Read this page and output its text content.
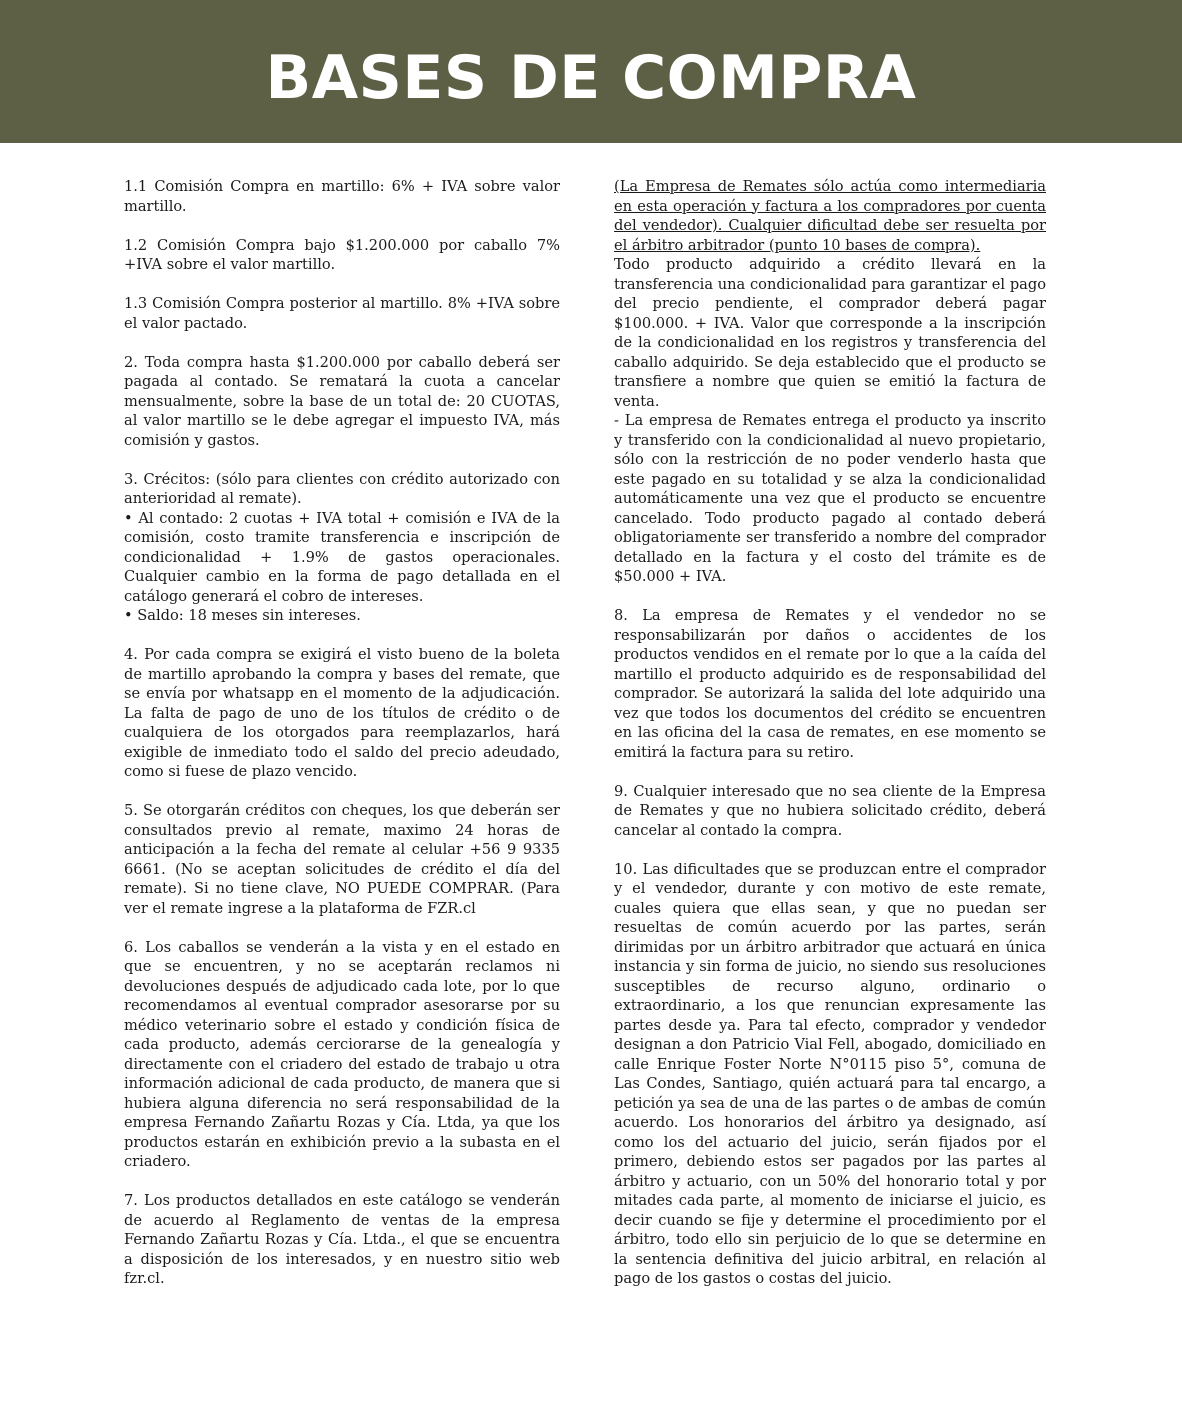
BASES DE COMPRA

1.1 Comisión Compra en martillo: 6% + IVA sobre valor martillo.

1.2 Comisión Compra bajo $1.200.000 por caballo 7% +IVA sobre el valor martillo.

1.3 Comisión Compra posterior al martillo. 8% +IVA sobre el valor pactado.

2. Toda compra hasta $1.200.000 por caballo deberá ser pagada al contado. Se rematará la cuota a cancelar mensualmente, sobre la base de un total de: 20 CUOTAS, al valor martillo se le debe agregar el impuesto IVA, más comisión y gastos.

3. Crécitos: (sólo para clientes con crédito autorizado con anterioridad al remate).

• Al contado: 2 cuotas + IVA total + comisión e IVA de la comisión, costo tramite transferencia e inscripción de condicionalidad + 1.9% de gastos operacionales. Cualquier cambio en la forma de pago detallada en el catálogo generará el cobro de intereses.

• Saldo: 18 meses sin intereses.

4. Por cada compra se exigirá el visto bueno de la boleta de martillo aprobando la compra y bases del remate, que se envía por whatsapp en el momento de la adjudicación. La falta de pago de uno de los títulos de crédito o de cualquiera de los otorgados para reemplazarlos, hará exigible de inmediato todo el saldo del precio adeudado, como si fuese de plazo vencido.

5. Se otorgarán créditos con cheques, los que deberán ser consultados previo al remate, maximo 24 horas de anticipación a la fecha del remate al celular +56 9 9335 6661. (No se aceptan solicitudes de crédito el día del remate). Si no tiene clave, NO PUEDE COMPRAR. (Para ver el remate ingrese a la plataforma de FZR.cl

6. Los caballos se venderán a la vista y en el estado en que se encuentren, y no se aceptarán reclamos ni devoluciones después de adjudicado cada lote, por lo que recomendamos al eventual comprador asesorarse por su médico veterinario sobre el estado y condición física de cada producto, además cerciorarse de la genealogía y directamente con el criadero del estado de trabajo u otra información adicional de cada producto, de manera que si hubiera alguna diferencia no será responsabilidad de la empresa Fernando Zañartu Rozas y Cía. Ltda, ya que los productos estarán en exhibición previo a la subasta en el criadero.

7. Los productos detallados en este catálogo se venderán de acuerdo al Reglamento de ventas de la empresa Fernando Zañartu Rozas y Cía. Ltda., el que se encuentra a disposición de los interesados, y en nuestro sitio web fzr.cl.

(La Empresa de Remates sólo actúa como intermediaria en esta operación y factura a los compradores por cuenta del vendedor). Cualquier dificultad debe ser resuelta por el árbitro arbitrador (punto 10 bases de compra).

Todo producto adquirido a crédito llevará en la transferencia una condicionalidad para garantizar el pago del precio pendiente, el comprador deberá pagar $100.000. + IVA. Valor que corresponde a la inscripción de la condicionalidad en los registros y transferencia del caballo adquirido. Se deja establecido que el producto se transfiere a nombre que quien se emitió la factura de venta.

- La empresa de Remates entrega el producto ya inscrito y transferido con la condicionalidad al nuevo propietario, sólo con la restricción de no poder venderlo hasta que este pagado en su totalidad y se alza la condicionalidad automáticamente una vez que el producto se encuentre cancelado. Todo producto pagado al contado deberá obligatoriamente ser transferido a nombre del comprador detallado en la factura y el costo del trámite es de $50.000 + IVA.

8. La empresa de Remates y el vendedor no se responsabilizarán por daños o accidentes de los productos vendidos en el remate por lo que a la caída del martillo el producto adquirido es de responsabilidad del comprador. Se autorizará la salida del lote adquirido una vez que todos los documentos del crédito se encuentren en las oficina del la casa de remates, en ese momento se emitirá la factura para su retiro.

9. Cualquier interesado que no sea cliente de la Empresa de Remates y que no hubiera solicitado crédito, deberá cancelar al contado la compra.

10. Las dificultades que se produzcan entre el comprador y el vendedor, durante y con motivo de este remate, cuales quiera que ellas sean, y que no puedan ser resueltas de común acuerdo por las partes, serán dirimidas por un árbitro arbitrador que actuará en única instancia y sin forma de juicio, no siendo sus resoluciones susceptibles de recurso alguno, ordinario o extraordinario, a los que renuncian expresamente las partes desde ya. Para tal efecto, comprador y vendedor designan a don Patricio Vial Fell, abogado, domiciliado en calle Enrique Foster Norte N°0115 piso 5°, comuna de Las Condes, Santiago, quién actuará para tal encargo, a petición ya sea de una de las partes o de ambas de común acuerdo. Los honorarios del árbitro ya designado, así como los del actuario del juicio, serán fijados por el primero, debiendo estos ser pagados por las partes al árbitro y actuario, con un 50% del honorario total y por mitades cada parte, al momento de iniciarse el juicio, es decir cuando se fije y determine el procedimiento por el árbitro, todo ello sin perjuicio de lo que se determine en la sentencia definitiva del juicio arbitral, en relación al pago de los gastos o costas del juicio.
